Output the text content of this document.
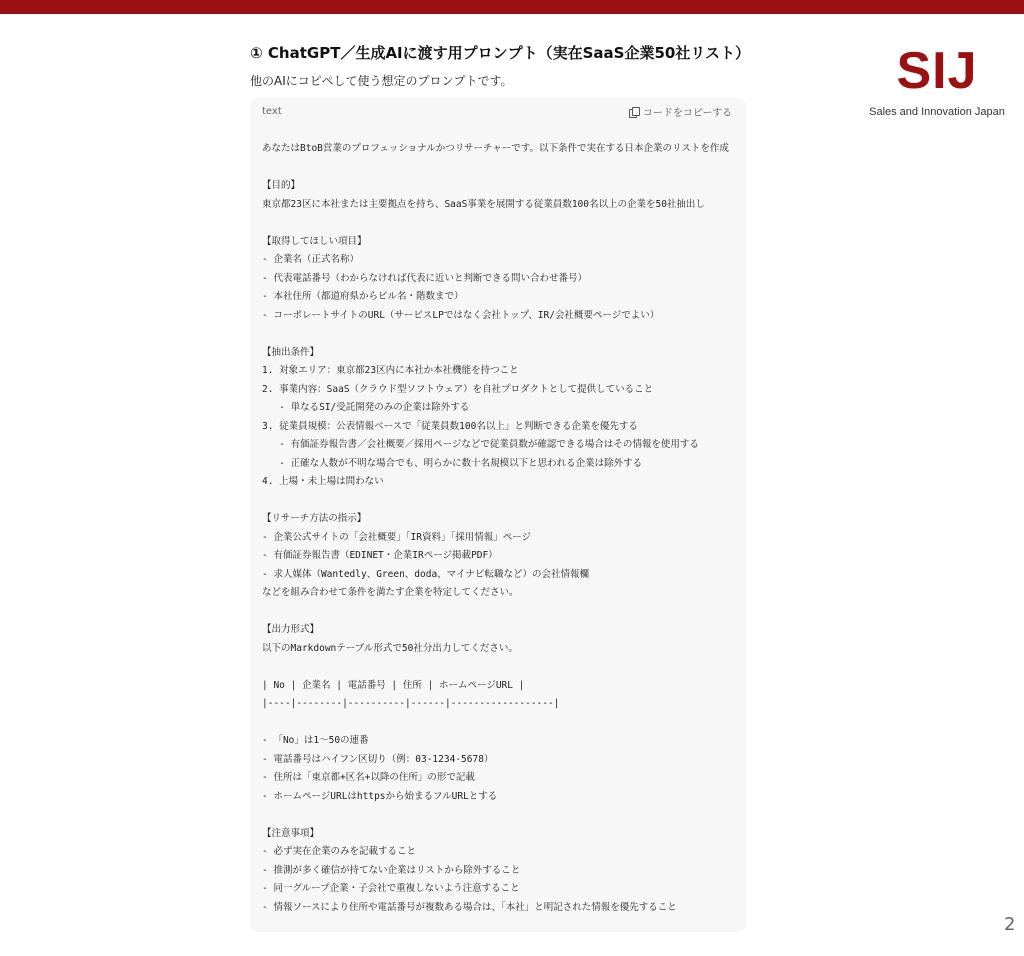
① ChatGPT／生成AIに渡す用プロンプト（実在SaaS企業50社リスト）
他のAIにコピペして使う想定のプロンプトです。	SIJ
Sales and Innovation Japan
text	コードをコピーする
あなたはBtoB営業のプロフェッショナルかつリサーチャーです。以下条件で実在する日本企業のリストを作成
【目的】
東京都23区に本社または主要拠点を持ち、SaaS事業を展開する従業員数100名以上の企業を50社抽出し
【取得してほしい項目】
- 企業名（正式名称）
- 代表電話番号（わからなければ代表に近いと判断できる問い合わせ番号）
- 本社住所（都道府県からビル名・階数まで）
- コーポレートサイトのURL（サービスLPではなく会社トップ、IR/会社概要ページでよい）
【抽出条件】
1. 対象エリア：東京都23区内に本社か本社機能を持つこと
2. 事業内容：SaaS（クラウド型ソフトウェア）を自社プロダクトとして提供していること
- 単なるSI/受託開発のみの企業は除外する
3. 従業員規模：公表情報ベースで「従業員数100名以上」と判断できる企業を優先する
- 有価証券報告書／会社概要／採用ページなどで従業員数が確認できる場合はその情報を使用する
- 正確な人数が不明な場合でも、明らかに数十名規模以下と思われる企業は除外する
4. 上場・未上場は問わない
【リサーチ方法の指示】
- 企業公式サイトの「会社概要」「IR資料」「採用情報」ページ
- 有価証券報告書（EDINET・企業IRページ掲載PDF）
- 求人媒体（Wantedly、Green、doda、マイナビ転職など）の会社情報欄
などを組み合わせて条件を満たす企業を特定してください。
【出力形式】
以下のMarkdownテーブル形式で50社分出力してください。
| No | 企業名 | 電話番号 | 住所 | ホームページURL |
|----|--------|----------|------|------------------|
- 「No」は1〜50の連番
- 電話番号はハイフン区切り（例：03-1234-5678）
- 住所は「東京都+区名+以降の住所」の形で記載
- ホームページURLはhttpsから始まるフルURLとする
【注意事項】
- 必ず実在企業のみを記載すること
- 推測が多く確信が持てない企業はリストから除外すること
- 同一グループ企業・子会社で重複しないよう注意すること
- 情報ソースにより住所や電話番号が複数ある場合は、「本社」と明記された情報を優先すること
2
